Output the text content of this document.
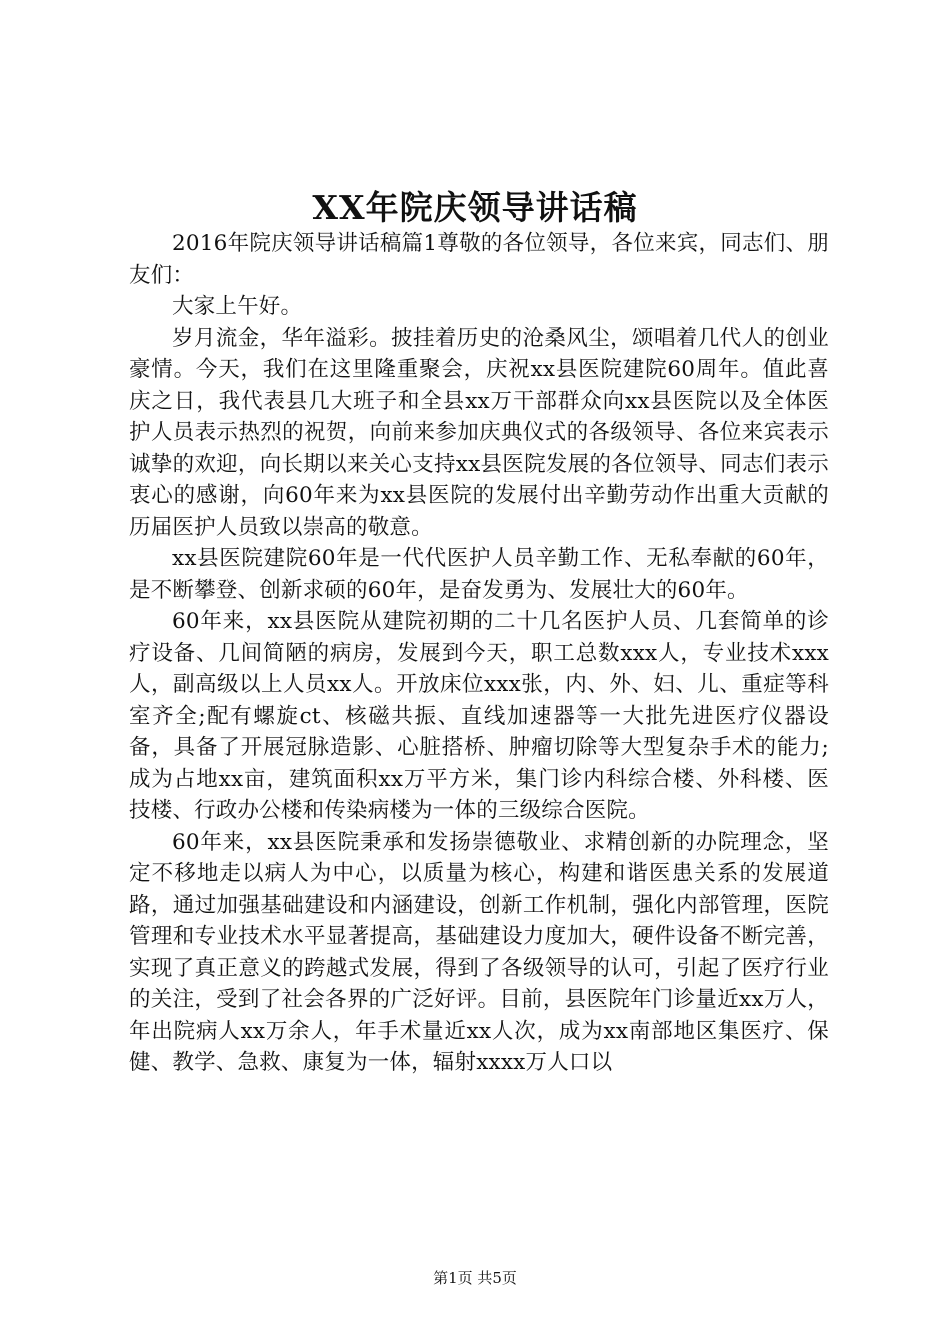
XX年院庆领导讲话稿

2016年院庆领导讲话稿篇1尊敬的各位领导，各位来宾，同志们、朋友们：

大家上午好。

岁月流金，华年溢彩。披挂着历史的沧桑风尘，颂唱着几代人的创业豪情。今天，我们在这里隆重聚会，庆祝xx县医院建院60周年。值此喜庆之日，我代表县几大班子和全县xx万干部群众向xx县医院以及全体医护人员表示热烈的祝贺，向前来参加庆典仪式的各级领导、各位来宾表示诚挚的欢迎，向长期以来关心支持xx县医院发展的各位领导、同志们表示衷心的感谢，向60年来为xx县医院的发展付出辛勤劳动作出重大贡献的历届医护人员致以崇高的敬意。

xx县医院建院60年是一代代医护人员辛勤工作、无私奉献的60年，是不断攀登、创新求硕的60年，是奋发勇为、发展壮大的60年。

60年来，xx县医院从建院初期的二十几名医护人员、几套简单的诊疗设备、几间简陋的病房，发展到今天，职工总数xxx人，专业技术xxx人，副高级以上人员xx人。开放床位xxx张，内、外、妇、儿、重症等科室齐全;配有螺旋ct、核磁共振、直线加速器等一大批先进医疗仪器设备，具备了开展冠脉造影、心脏搭桥、肿瘤切除等大型复杂手术的能力;成为占地xx亩，建筑面积xx万平方米，集门诊内科综合楼、外科楼、医技楼、行政办公楼和传染病楼为一体的三级综合医院。

60年来，xx县医院秉承和发扬崇德敬业、求精创新的办院理念，坚定不移地走以病人为中心，以质量为核心，构建和谐医患关系的发展道路，通过加强基础建设和内涵建设，创新工作机制，强化内部管理，医院管理和专业技术水平显著提高，基础建设力度加大，硬件设备不断完善，实现了真正意义的跨越式发展，得到了各级领导的认可，引起了医疗行业的关注，受到了社会各界的广泛好评。目前，县医院年门诊量近xx万人，年出院病人xx万余人，年手术量近xx人次，成为xx南部地区集医疗、保健、教学、急救、康复为一体，辐射xxxx万人口以

第1页 共5页
